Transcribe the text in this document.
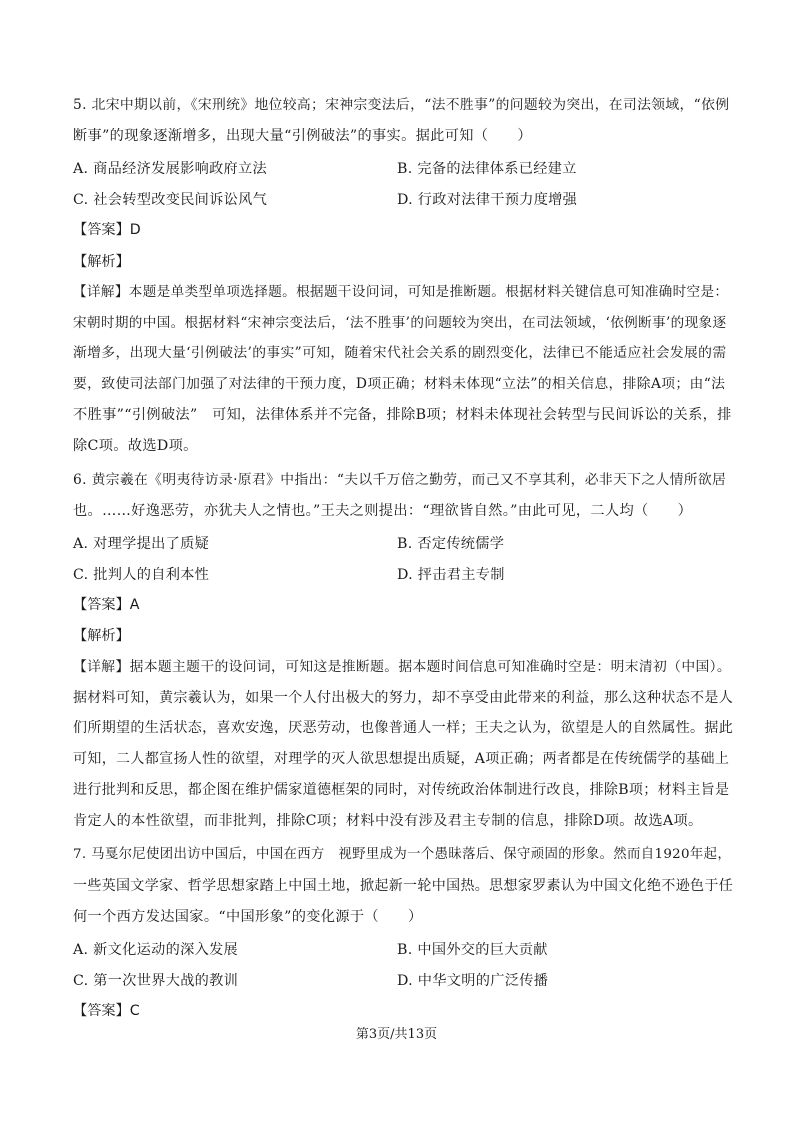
5. 北宋中期以前，《宋刑统》地位较高；宋神宗变法后，“法不胜事”的问题较为突出，在司法领域，“依例
断事”的现象逐渐增多，出现大量“引例破法”的事实。据此可知（　　）
A. 商品经济发展影响政府立法	B. 完备的法律体系已经建立
C. 社会转型改变民间诉讼风气	D. 行政对法律干预力度增强
【答案】D
【解析】
【详解】本题是单类型单项选择题。根据题干设问词，可知是推断题。根据材料关键信息可知准确时空是：
宋朝时期的中国。根据材料“宋神宗变法后，‘法不胜事’的问题较为突出，在司法领域，‘依例断事’的现象逐
渐增多，出现大量‘引例破法’的事实”可知，随着宋代社会关系的剧烈变化，法律已不能适应社会发展的需
要，致使司法部门加强了对法律的干预力度，D项正确；材料未体现“立法”的相关信息，排除A项；由“法
不胜事”“引例破法”　可知，法律体系并不完备，排除B项；材料未体现社会转型与民间诉讼的关系，排
除C项。故选D项。
6. 黄宗羲在《明夷待访录·原君》中指出：“夫以千万倍之勤劳，而己又不享其利，必非天下之人情所欲居
也。……好逸恶劳，亦犹夫人之情也。”王夫之则提出：“理欲皆自然。”由此可见，二人均（　　）
A. 对理学提出了质疑	B. 否定传统儒学
C. 批判人的自利本性	D. 抨击君主专制
【答案】A
【解析】
【详解】据本题主题干的设问词，可知这是推断题。据本题时间信息可知准确时空是：明末清初（中国）。
据材料可知，黄宗羲认为，如果一个人付出极大的努力，却不享受由此带来的利益，那么这种状态不是人
们所期望的生活状态，喜欢安逸，厌恶劳动，也像普通人一样；王夫之认为，欲望是人的自然属性。据此
可知，二人都宣扬人性的欲望，对理学的灭人欲思想提出质疑，A项正确；两者都是在传统儒学的基础上
进行批判和反思，都企图在维护儒家道德框架的同时，对传统政治体制进行改良，排除B项；材料主旨是
肯定人的本性欲望，而非批判，排除C项；材料中没有涉及君主专制的信息，排除D项。故选A项。
7. 马戛尔尼使团出访中国后，中国在西方　视野里成为一个愚昧落后、保守顽固的形象。然而自1920年起，
一些英国文学家、哲学思想家踏上中国土地，掀起新一轮中国热。思想家罗素认为中国文化绝不逊色于任
何一个西方发达国家。“中国形象”的变化源于（　　）
A. 新文化运动的深入发展	B. 中国外交的巨大贡献
C. 第一次世界大战的教训	D. 中华文明的广泛传播
【答案】C
第3页/共13页
